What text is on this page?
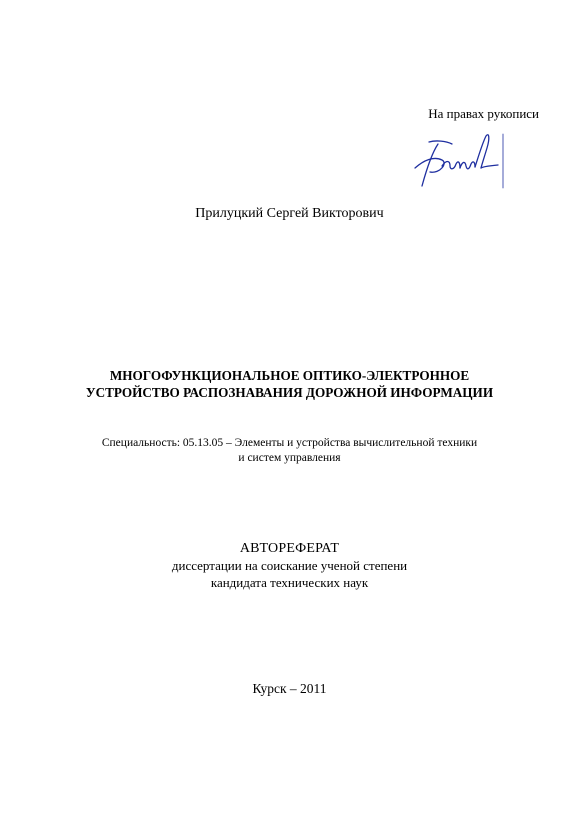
На правах рукописи
Прилуцкий Сергей Викторович
МНОГОФУНКЦИОНАЛЬНОЕ ОПТИКО-ЭЛЕКТРОННОЕ
УСТРОЙСТВО РАСПОЗНАВАНИЯ ДОРОЖНОЙ ИНФОРМАЦИИ
Специальность: 05.13.05 – Элементы и устройства вычислительной техники
и систем управления
АВТОРЕФЕРАТ
диссертации на соискание ученой степени
кандидата технических наук
Курск – 2011
